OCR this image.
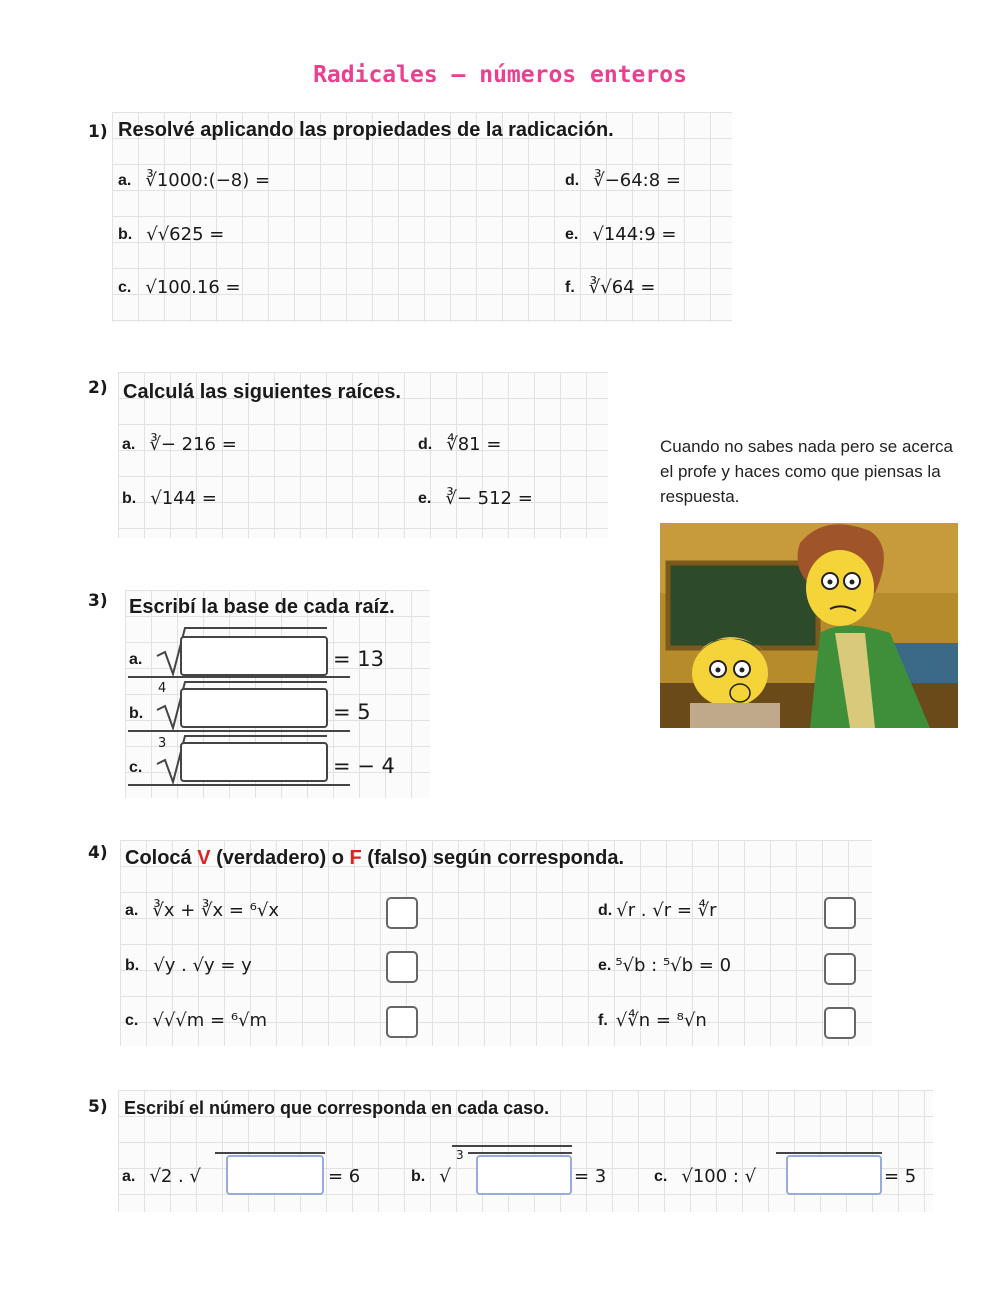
Radicales – números enteros
1) Resolvé aplicando las propiedades de la radicación.
a. ∛1000:(−8) =
b. √√625 =
c. √100.16 =
d. ∛−64:8 =
e. √144:9 =
f. ∛√64 =
2) Calculá las siguientes raíces.
a. ∛− 216 =
b. √144 =
d. ∜81 =
e. ∛− 512 =
Cuando no sabes nada pero se acerca el profe y haces como que piensas la respuesta.
3) Escribí la base de cada raíz.
a.	= 13
b.
4
= 5
c.
3
= − 4
4) Colocá V (verdadero) o F (falso) según corresponda.
a. ∛x + ∛x = ⁶√x
b. √y . √y = y
c. √√√m = ⁶√m
d. √r . √r = ∜r
e. ⁵√b : ⁵√b = 0
f. √∜n = ⁸√n
5) Escribí el número que corresponda en cada caso.
a. √2 . √	= 6	b. √
3
= 3	c. √100 : √	= 5
